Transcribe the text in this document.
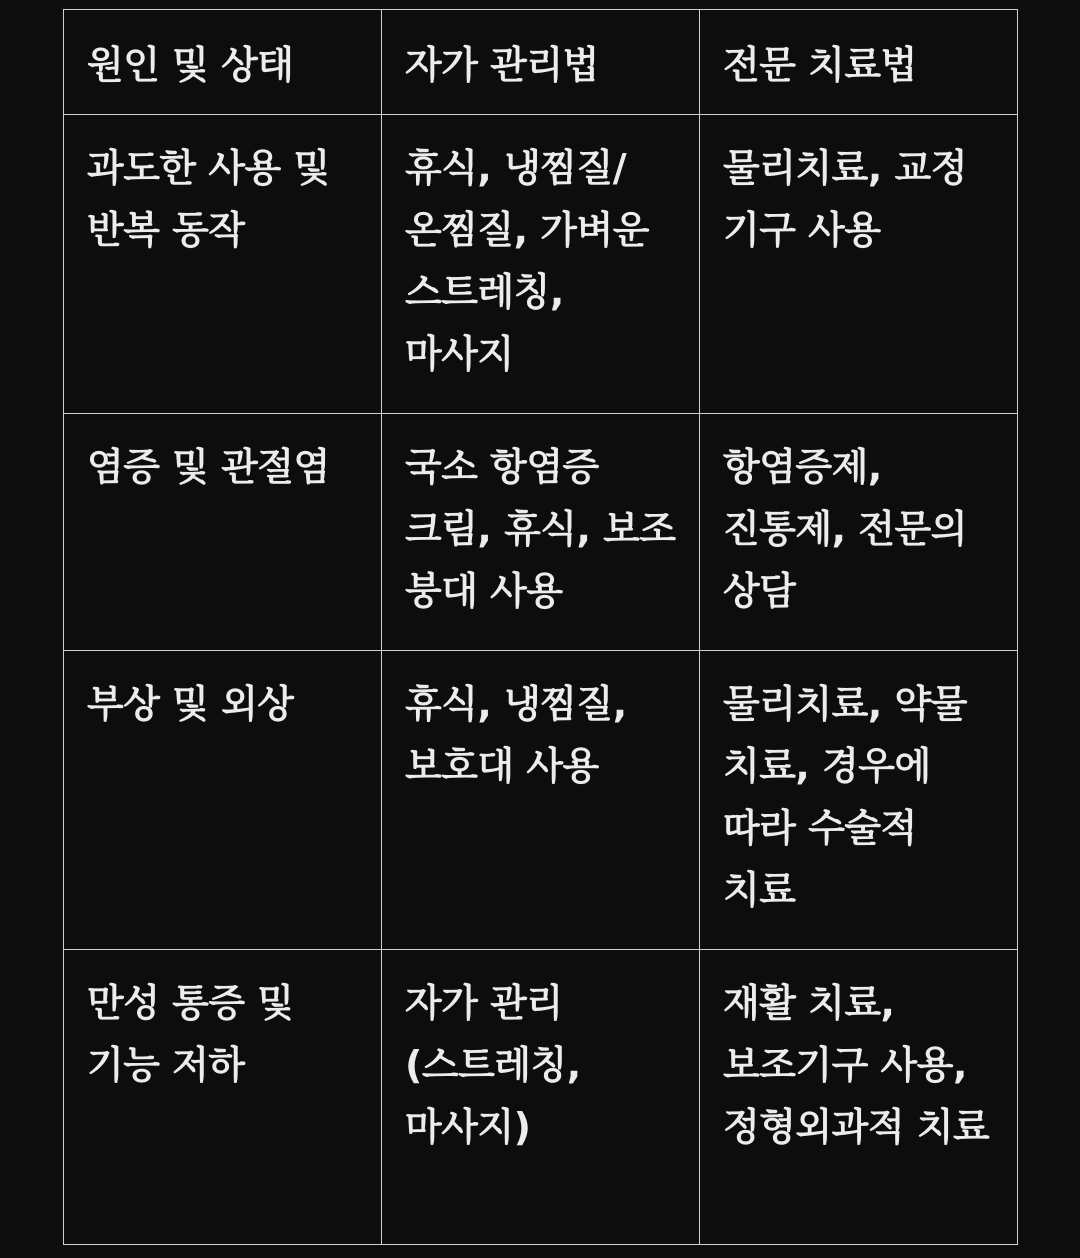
원인 및 상태	자가 관리법	전문 치료법
과도한 사용 및 반복 동작	휴식, 냉찜질/ 온찜질, 가벼운 스트레칭, 마사지	물리치료, 교정 기구 사용
염증 및 관절염	국소 항염증 크림, 휴식, 보조 붕대 사용	항염증제, 진통제, 전문의 상담
부상 및 외상	휴식, 냉찜질, 보호대 사용	물리치료, 약물 치료, 경우에 따라 수술적 치료
만성 통증 및 기능 저하	자가 관리(스트레칭, 마사지)	재활 치료, 보조기구 사용, 정형외과적 치료
